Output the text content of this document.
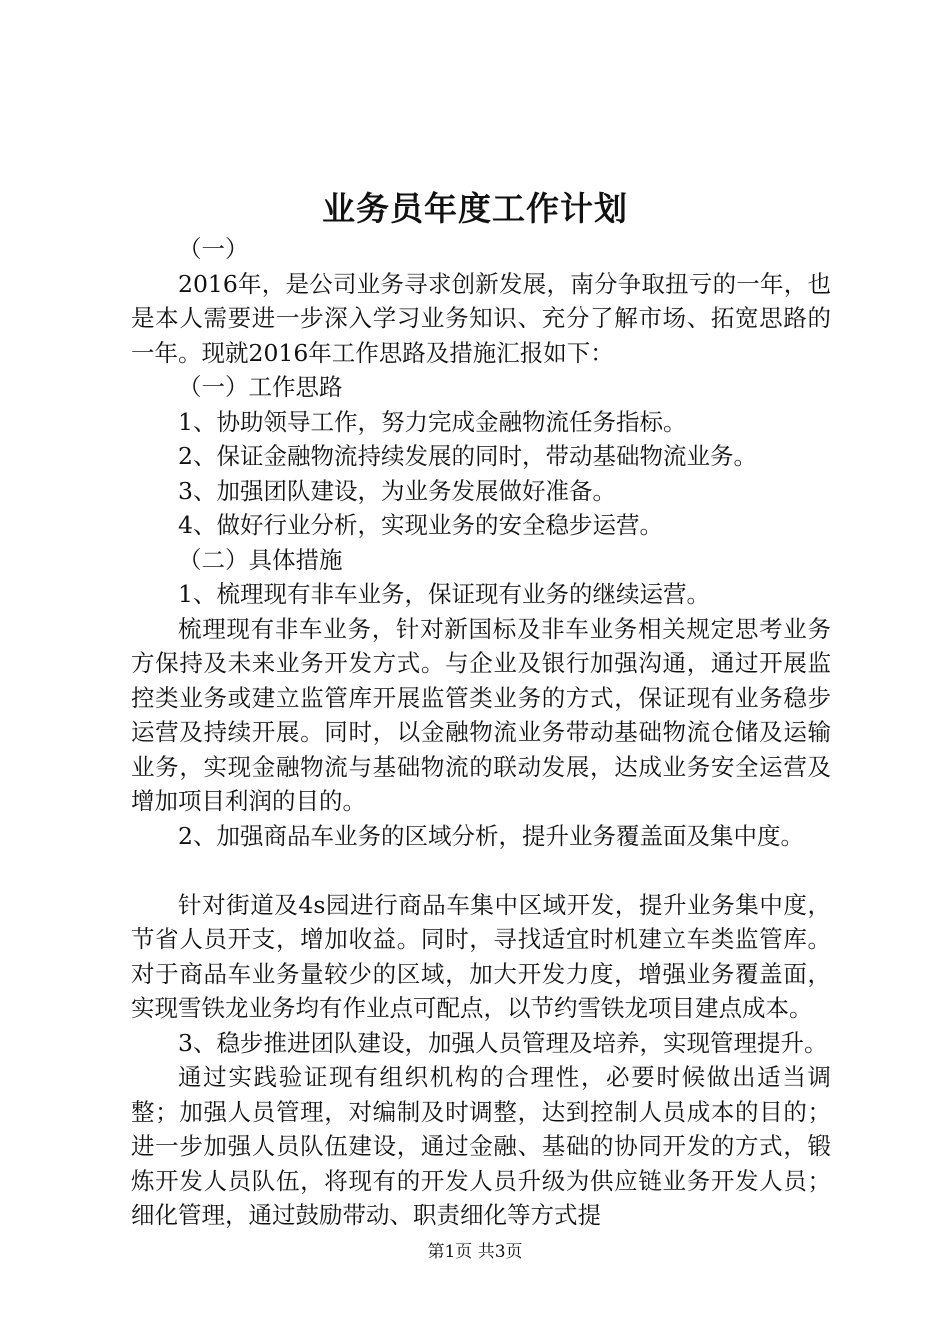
业务员年度工作计划

（一）

2016年，是公司业务寻求创新发展，南分争取扭亏的一年，也是本人需要进一步深入学习业务知识、充分了解市场、拓宽思路的一年。现就2016年工作思路及措施汇报如下：

（一）工作思路

1、协助领导工作，努力完成金融物流任务指标。

2、保证金融物流持续发展的同时，带动基础物流业务。

3、加强团队建设，为业务发展做好准备。

4、做好行业分析，实现业务的安全稳步运营。

（二）具体措施

1、梳理现有非车业务，保证现有业务的继续运营。

梳理现有非车业务，针对新国标及非车业务相关规定思考业务方保持及未来业务开发方式。与企业及银行加强沟通，通过开展监控类业务或建立监管库开展监管类业务的方式，保证现有业务稳步运营及持续开展。同时，以金融物流业务带动基础物流仓储及运输业务，实现金融物流与基础物流的联动发展，达成业务安全运营及增加项目利润的目的。

2、加强商品车业务的区域分析，提升业务覆盖面及集中度。

针对街道及4s园进行商品车集中区域开发，提升业务集中度，节省人员开支，增加收益。同时，寻找适宜时机建立车类监管库。对于商品车业务量较少的区域，加大开发力度，增强业务覆盖面，实现雪铁龙业务均有作业点可配点，以节约雪铁龙项目建点成本。

3、稳步推进团队建设，加强人员管理及培养，实现管理提升。

通过实践验证现有组织机构的合理性，必要时候做出适当调整；加强人员管理，对编制及时调整，达到控制人员成本的目的；进一步加强人员队伍建设，通过金融、基础的协同开发的方式，锻炼开发人员队伍，将现有的开发人员升级为供应链业务开发人员；细化管理，通过鼓励带动、职责细化等方式提

第1页 共3页
